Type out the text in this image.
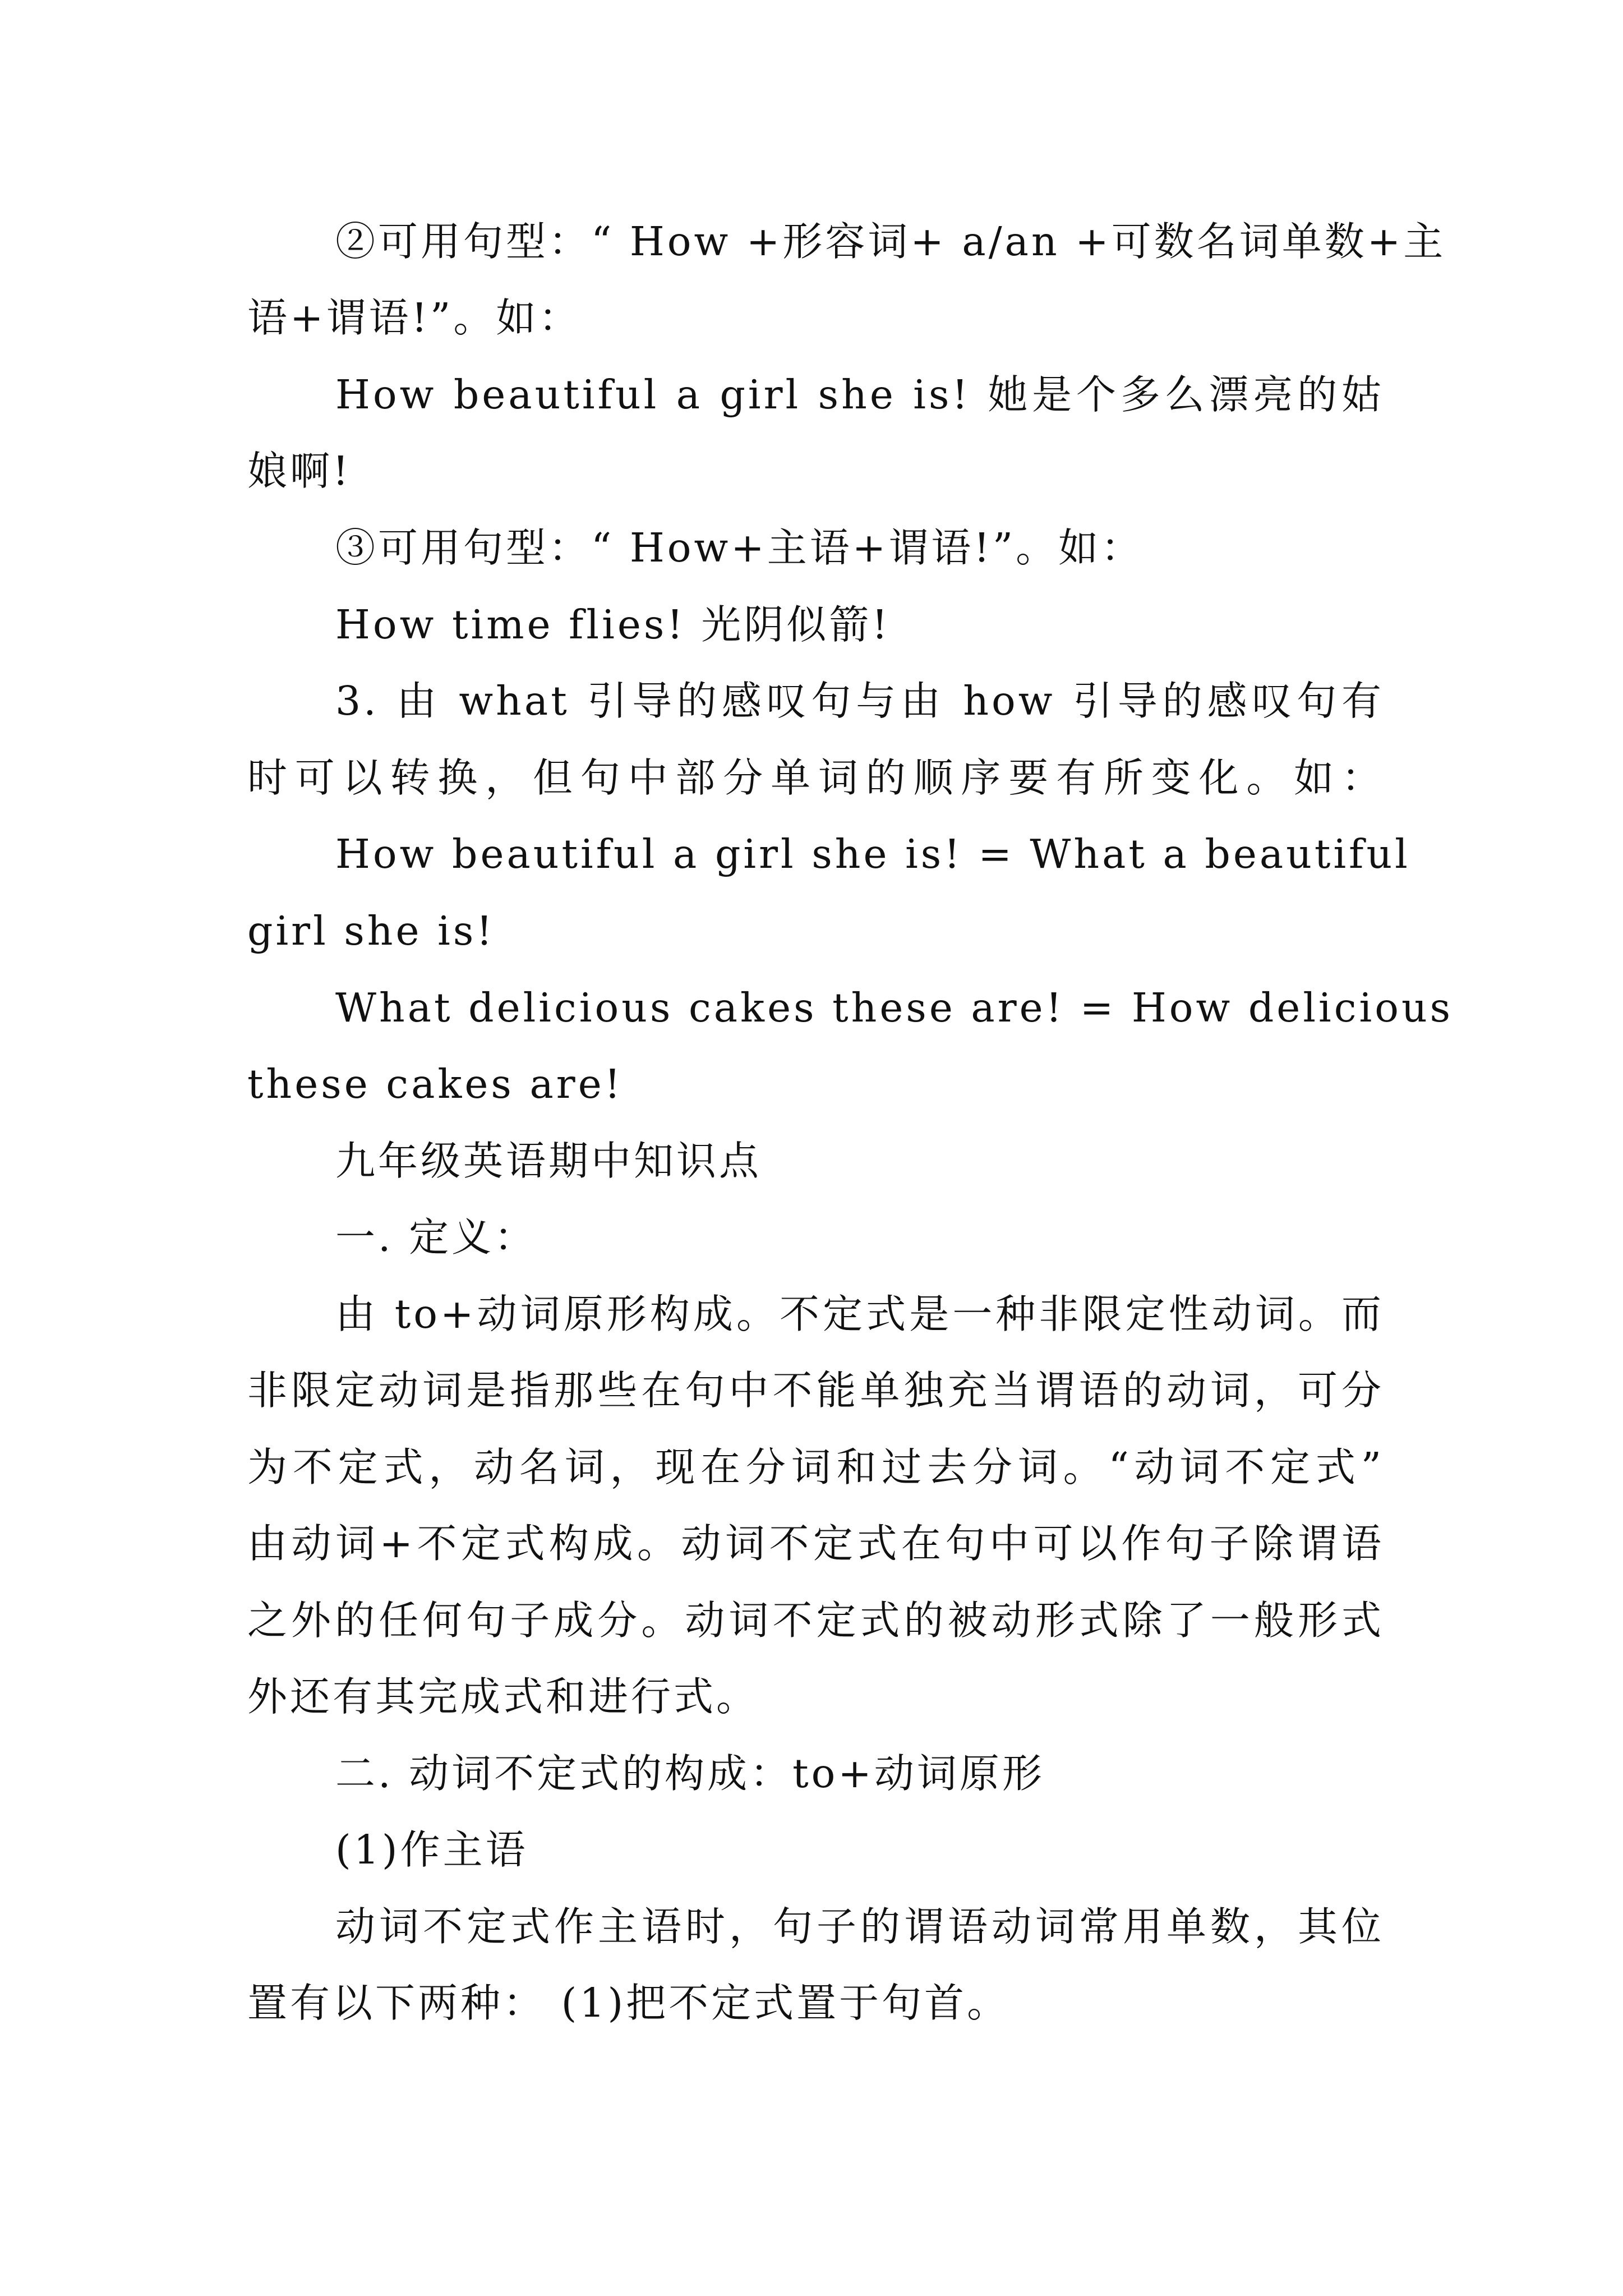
②可用句型：“ How +形容词+ a/an +可数名词单数+主

语+谓语!”。如：

How beautiful a girl she is! 她是个多么漂亮的姑

娘啊!

③可用句型：“ How+主语+谓语!”。如：

How time flies! 光阴似箭!

3. 由 what 引导的感叹句与由 how 引导的感叹句有

时可以转换，但句中部分单词的顺序要有所变化。如：

How beautiful a girl she is! = What a beautiful

girl she is!

What delicious cakes these are! = How delicious

these cakes are!

九年级英语期中知识点

一. 定义：

由 to+动词原形构成。不定式是一种非限定性动词。而

非限定动词是指那些在句中不能单独充当谓语的动词，可分

为不定式，动名词，现在分词和过去分词。“动词不定式”

由动词+不定式构成。动词不定式在句中可以作句子除谓语

之外的任何句子成分。动词不定式的被动形式除了一般形式

外还有其完成式和进行式。

二. 动词不定式的构成：to+动词原形

(1)作主语

动词不定式作主语时，句子的谓语动词常用单数，其位

置有以下两种： (1)把不定式置于句首。
